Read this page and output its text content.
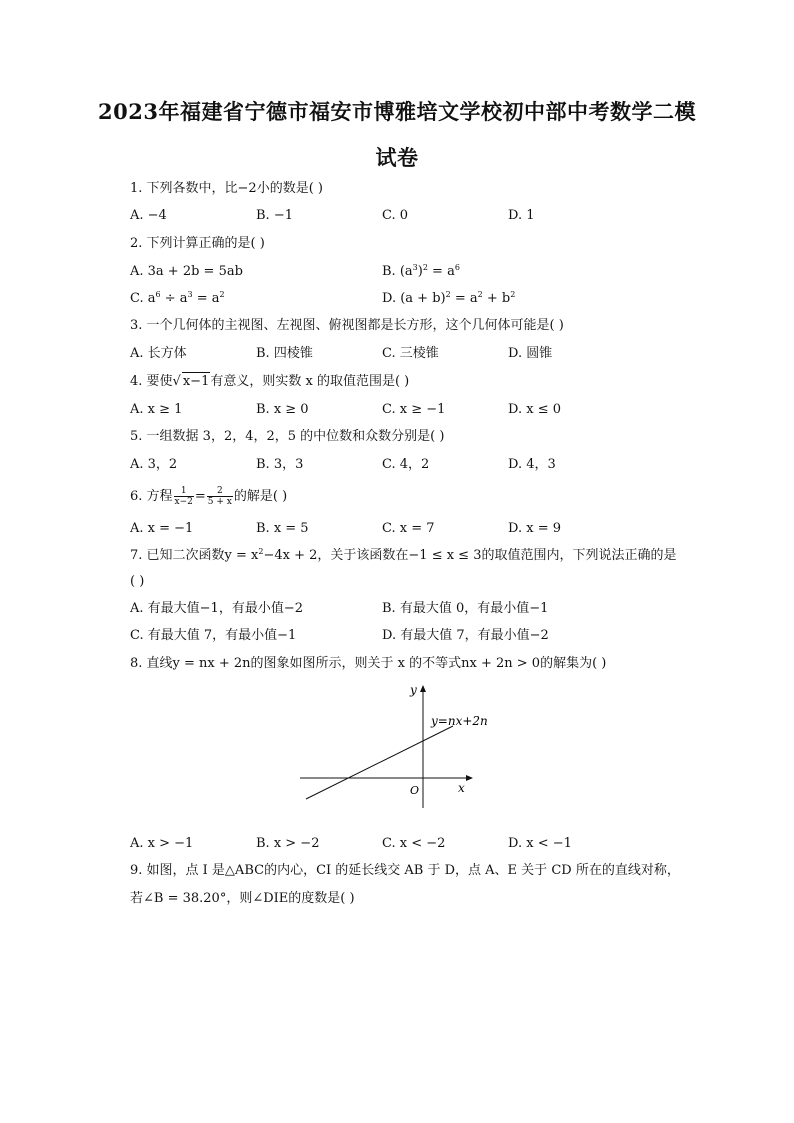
2023年福建省宁德市福安市博雅培文学校初中部中考数学二模
试卷
1. 下列各数中，比−2小的数是( )
A. −4	B. −1	C. 0	D. 1
2. 下列计算正确的是( )
A. 3a + 2b = 5ab	B. $(a^3)^2 = a^6$
C. $a^6 \div a^3 = a^2$	D. $(a + b)^2 = a^2 + b^2$
3. 一个几何体的主视图、左视图、俯视图都是长方形，这个几何体可能是( )
A. 长方体	B. 四棱锥	C. 三棱锥	D. 圆锥
4. 要使√ x−1有意义，则实数 x 的取值范围是( )
A. x ≥ 1	B. x ≥ 0	C. x ≥ −1	D. x ≤ 0
5. 一组数据 3，2，4，2，5 的中位数和众数分别是( )
A. 3，2	B. 3，3	C. 4，2	D. 4，3
6. 方程 $\frac{1}{x-2} = \frac{2}{5 + x}$ 的解是( )
A. x = −1	B. x = 5	C. x = 7	D. x = 9
7. 已知二次函数$y = x^2-4x + 2$，关于该函数在−1 ≤ x ≤ 3的取值范围内，下列说法正确的是
( )
A. 有最大值−1，有最小值−2	B. 有最大值 0，有最小值−1
C. 有最大值 7，有最小值−1	D. 有最大值 7，有最小值−2
8. 直线y = nx + 2n的图象如图所示，则关于 x 的不等式nx + 2n > 0的解集为( )
y
x
O
y=nx+2n
A. x > −1	B. x > −2	C. x < −2	D. x < −1
9. 如图，点 I 是△ABC的内心，CI 的延长线交 AB 于 D，点 A、E 关于 CD 所在的直线对称，
若∠B = 38.20°，则∠DIE的度数是( )
